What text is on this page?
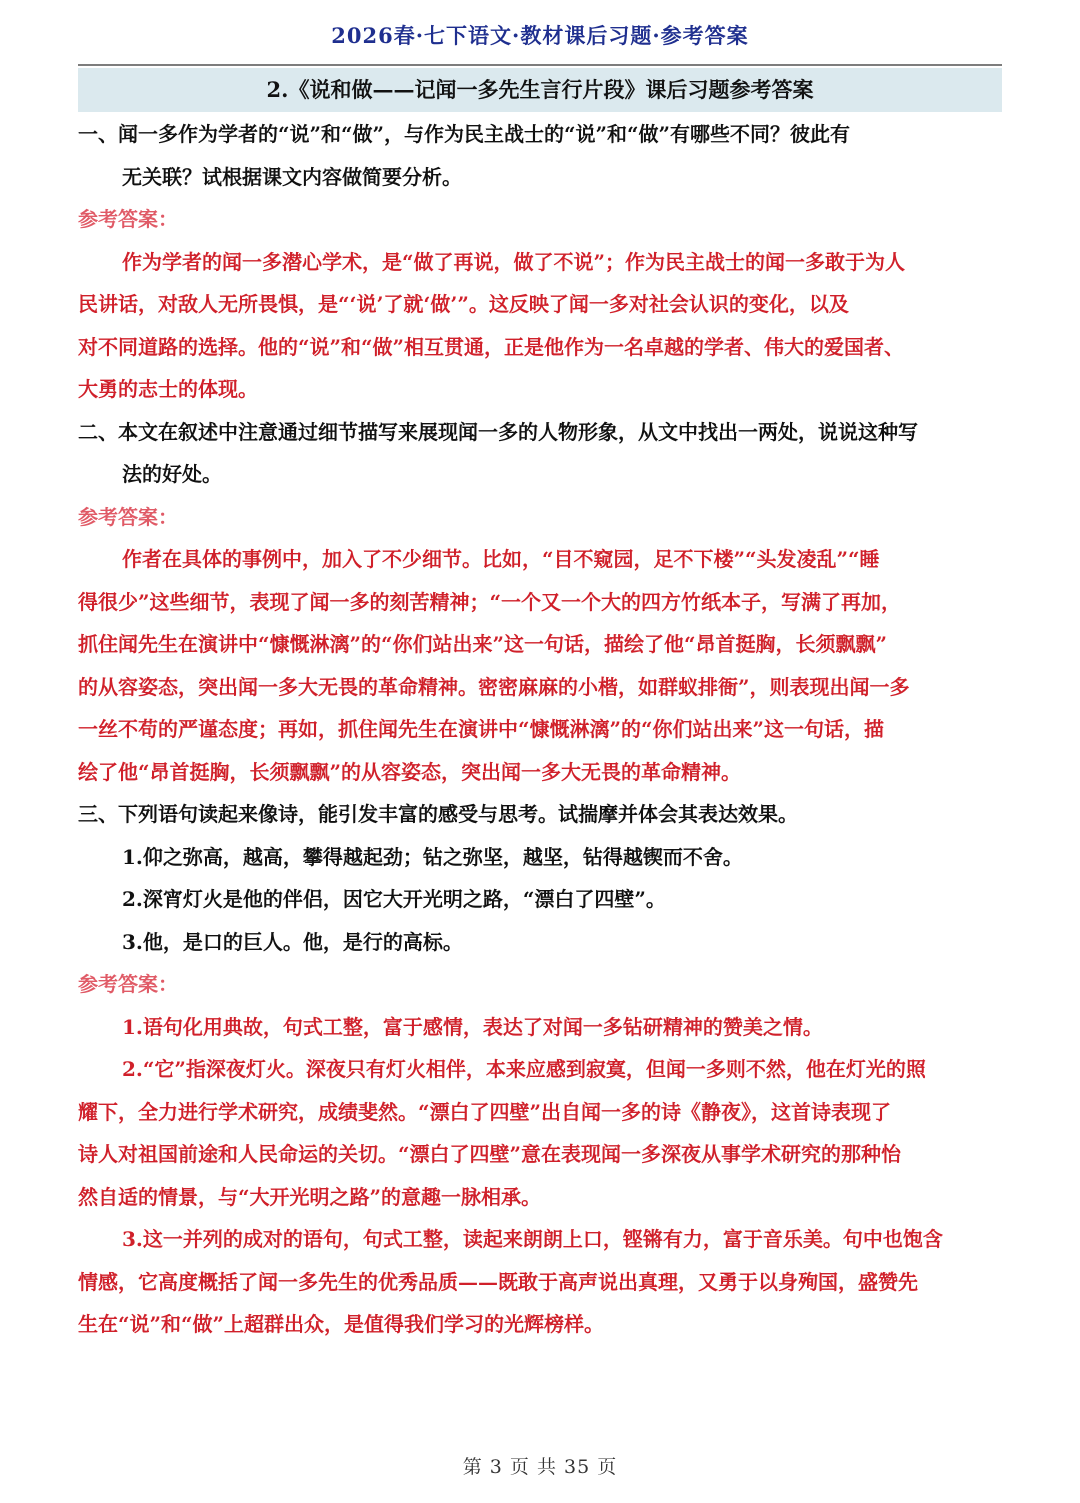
2026春·七下语文·教材课后习题·参考答案
2.《说和做——记闻一多先生言行片段》课后习题参考答案
一、闻一多作为学者的“说”和“做”，与作为民主战士的“说”和“做”有哪些不同？彼此有
无关联？试根据课文内容做简要分析。
参考答案：
作为学者的闻一多潜心学术，是“做了再说，做了不说”；作为民主战士的闻一多敢于为人
民讲话，对敌人无所畏惧，是“‘说’了就‘做’”。这反映了闻一多对社会认识的变化，以及
对不同道路的选择。他的“说”和“做”相互贯通，正是他作为一名卓越的学者、伟大的爱国者、
大勇的志士的体现。
二、本文在叙述中注意通过细节描写来展现闻一多的人物形象，从文中找出一两处，说说这种写
法的好处。
参考答案：
作者在具体的事例中，加入了不少细节。比如，“目不窥园，足不下楼”“头发凌乱”“睡
得很少”这些细节，表现了闻一多的刻苦精神；“一个又一个大的四方竹纸本子，写满了再加，
抓住闻先生在演讲中“慷慨淋漓”的“你们站出来”这一句话，描绘了他“昂首挺胸，长须飘飘”
的从容姿态，突出闻一多大无畏的革命精神。密密麻麻的小楷，如群蚁排衙”，则表现出闻一多
一丝不苟的严谨态度；再如，抓住闻先生在演讲中“慷慨淋漓”的“你们站出来”这一句话，描
绘了他“昂首挺胸，长须飘飘”的从容姿态，突出闻一多大无畏的革命精神。
三、下列语句读起来像诗，能引发丰富的感受与思考。试揣摩并体会其表达效果。
1.仰之弥高，越高，攀得越起劲；钻之弥坚，越坚，钻得越锲而不舍。
2.深宵灯火是他的伴侣，因它大开光明之路，“漂白了四壁”。
3.他，是口的巨人。他，是行的高标。
参考答案：
1.语句化用典故，句式工整，富于感情，表达了对闻一多钻研精神的赞美之情。
2.“它”指深夜灯火。深夜只有灯火相伴，本来应感到寂寞，但闻一多则不然，他在灯光的照
耀下，全力进行学术研究，成绩斐然。“漂白了四壁”出自闻一多的诗《静夜》，这首诗表现了
诗人对祖国前途和人民命运的关切。“漂白了四壁”意在表现闻一多深夜从事学术研究的那种怡
然自适的情景，与“大开光明之路”的意趣一脉相承。
3.这一并列的成对的语句，句式工整，读起来朗朗上口，铿锵有力，富于音乐美。句中也饱含
情感，它高度概括了闻一多先生的优秀品质——既敢于高声说出真理，又勇于以身殉国，盛赞先
生在“说”和“做”上超群出众，是值得我们学习的光辉榜样。
第 3 页 共 35 页
